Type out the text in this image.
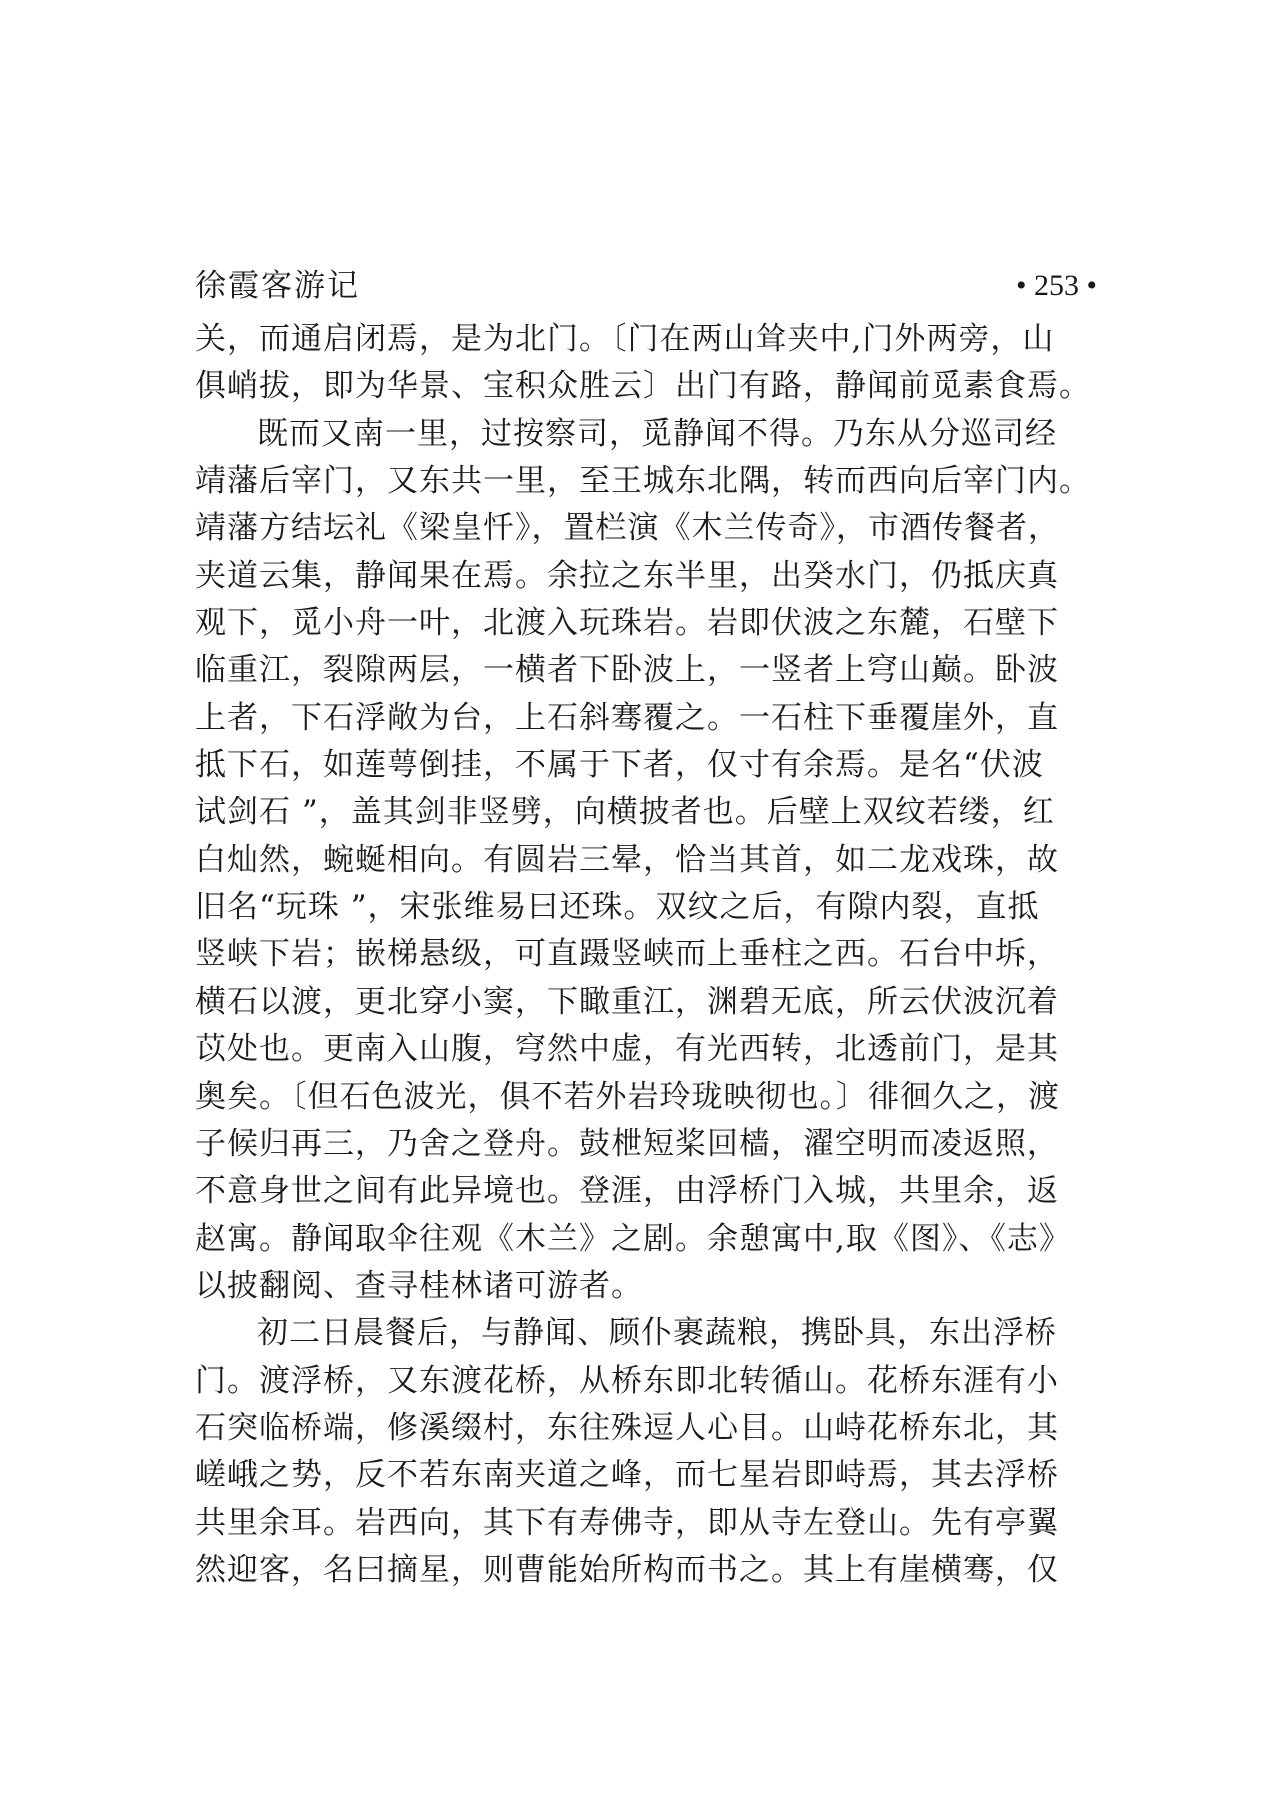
徐霞客游记	• 253 •
关，而通启闭焉，是为北门。〔门在两山耸夹中,门外两旁，山
俱峭拔，即为华景、宝积众胜云〕出门有路，静闻前觅素食焉。
既而又南一里，过按察司，觅静闻不得。乃东从分巡司经
靖藩后宰门，又东共一里，至王城东北隅，转而西向后宰门内。
靖藩方结坛礼《梁皇忏》，置栏演《木兰传奇》，市酒传餐者，
夹道云集，静闻果在焉。余拉之东半里，出癸水门，仍抵庆真
观下，觅小舟一叶，北渡入玩珠岩。岩即伏波之东麓，石壁下
临重江，裂隙两层，一横者下卧波上，一竖者上穹山巅。卧波
上者，下石浮敞为台，上石斜骞覆之。一石柱下垂覆崖外，直
抵下石，如莲萼倒挂，不属于下者，仅寸有余焉。是名“伏波
试剑石 ”，盖其剑非竖劈，向横披者也。后壁上双纹若缕，红
白灿然，蜿蜒相向。有圆岩三晕，恰当其首，如二龙戏珠，故
旧名“玩珠 ”，宋张维易曰还珠。双纹之后，有隙内裂，直抵
竖峡下岩；嵌梯悬级，可直蹑竖峡而上垂柱之西。石台中坼，
横石以渡，更北穿小窦，下瞰重江，渊碧无底，所云伏波沉着
苡处也。更南入山腹，穹然中虚，有光西转，北透前门，是其
奥矣。〔但石色波光，俱不若外岩玲珑映彻也。〕徘徊久之，渡
子候归再三，乃舍之登舟。鼓枻短桨回樯，濯空明而凌返照，
不意身世之间有此异境也。登涯，由浮桥门入城，共里余，返
赵寓。静闻取伞往观《木兰》之剧。余憩寓中,取《图》、《志》
以披翻阅、查寻桂林诸可游者。
初二日晨餐后，与静闻、顾仆裹蔬粮，携卧具，东出浮桥
门。渡浮桥，又东渡花桥，从桥东即北转循山。花桥东涯有小
石突临桥端，修溪缀村，东往殊逗人心目。山峙花桥东北，其
嵯峨之势，反不若东南夹道之峰，而七星岩即峙焉，其去浮桥
共里余耳。岩西向，其下有寿佛寺，即从寺左登山。先有亭翼
然迎客，名曰摘星，则曹能始所构而书之。其上有崖横骞，仅
